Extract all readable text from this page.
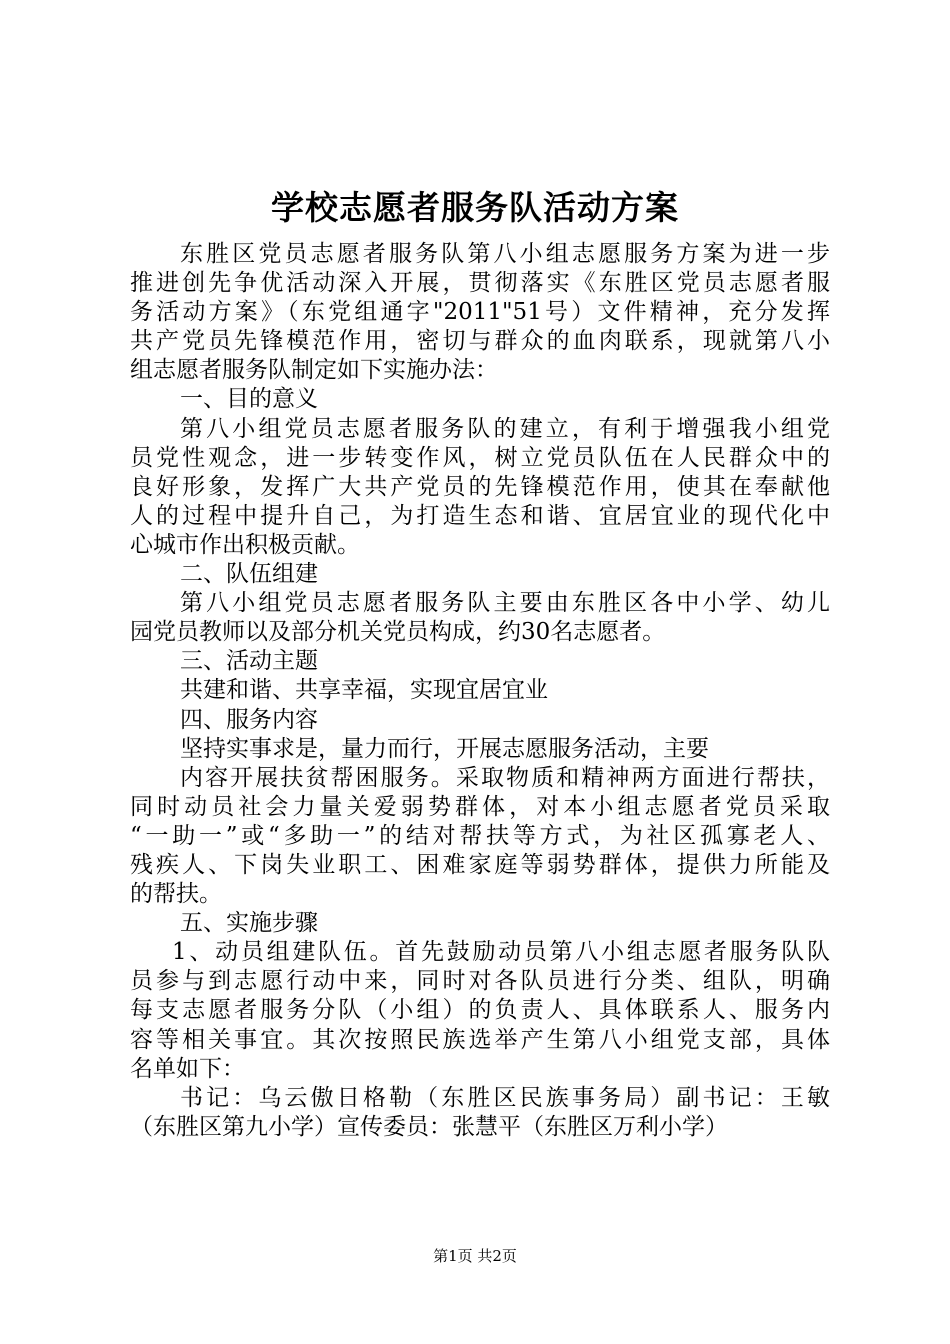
学校志愿者服务队活动方案
东胜区党员志愿者服务队第八小组志愿服务方案为进一步
推进创先争优活动深入开展，贯彻落实《东胜区党员志愿者服
务活动方案》（东党组通字"2011"51号）文件精神，充分发挥
共产党员先锋模范作用，密切与群众的血肉联系，现就第八小
组志愿者服务队制定如下实施办法：
一、目的意义
第八小组党员志愿者服务队的建立，有利于增强我小组党
员党性观念，进一步转变作风，树立党员队伍在人民群众中的
良好形象，发挥广大共产党员的先锋模范作用，使其在奉献他
人的过程中提升自己，为打造生态和谐、宜居宜业的现代化中
心城市作出积极贡献。
二、队伍组建
第八小组党员志愿者服务队主要由东胜区各中小学、幼儿
园党员教师以及部分机关党员构成，约30名志愿者。
三、活动主题
共建和谐、共享幸福，实现宜居宜业
四、服务内容
坚持实事求是，量力而行，开展志愿服务活动，主要
内容开展扶贫帮困服务。采取物质和精神两方面进行帮扶，
同时动员社会力量关爱弱势群体，对本小组志愿者党员采取
“一助一”或“多助一”的结对帮扶等方式，为社区孤寡老人、
残疾人、下岗失业职工、困难家庭等弱势群体，提供力所能及
的帮扶。
五、实施步骤
1、动员组建队伍。首先鼓励动员第八小组志愿者服务队队
员参与到志愿行动中来，同时对各队员进行分类、组队，明确
每支志愿者服务分队（小组）的负责人、具体联系人、服务内
容等相关事宜。其次按照民族选举产生第八小组党支部，具体
名单如下：
书记：乌云傲日格勒（东胜区民族事务局）副书记：王敏
（东胜区第九小学）宣传委员：张慧平（东胜区万利小学）
第1页 共2页
